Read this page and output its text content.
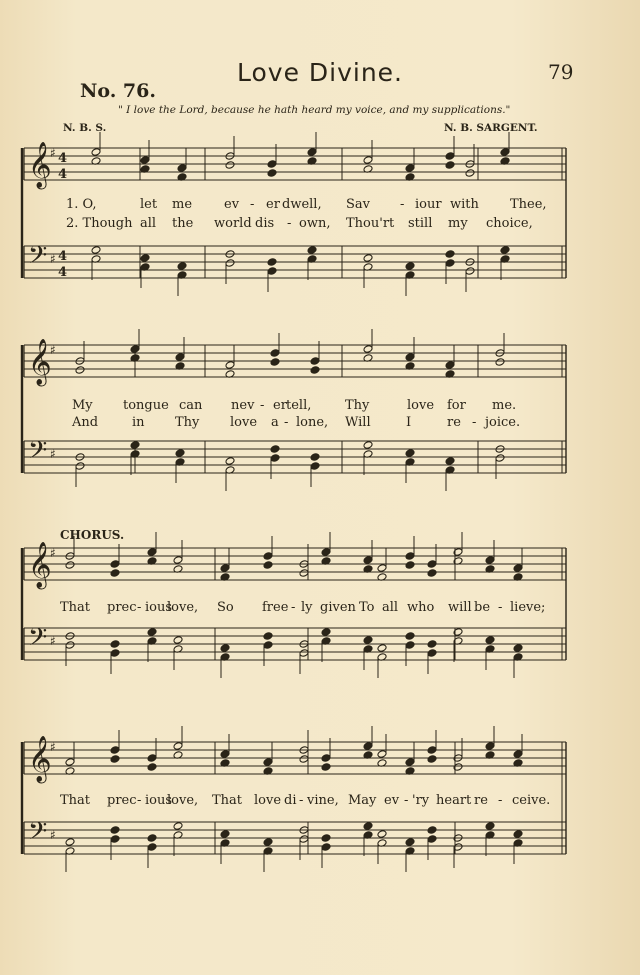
Love Divine.	79
No. 76.
" I love the Lord, because he hath heard my voice, and my supplications."
N. B. S.	N. B. SARGENT.
CHORUS.
𝄞
♯ 4
4
𝄢 ♯ 4
4
𝄞
♯
𝄢 ♯
𝄞
♯
𝄢 ♯
𝄞
♯
𝄢 ♯
1. O,	let me ev - er dwell, Sav - iour with Thee,
2. Though all the world dis - own, Thou'rt still my choice,
My tongue can nev - er tell,	Thy	love for me.
And	in Thy love a - lone, Will	I	re - joice.
That prec - ious
love, So free - ly given To all who will be - lieve;
That prec - ious
love, That love di - vine, May ev - 'ry heart re - ceive.
